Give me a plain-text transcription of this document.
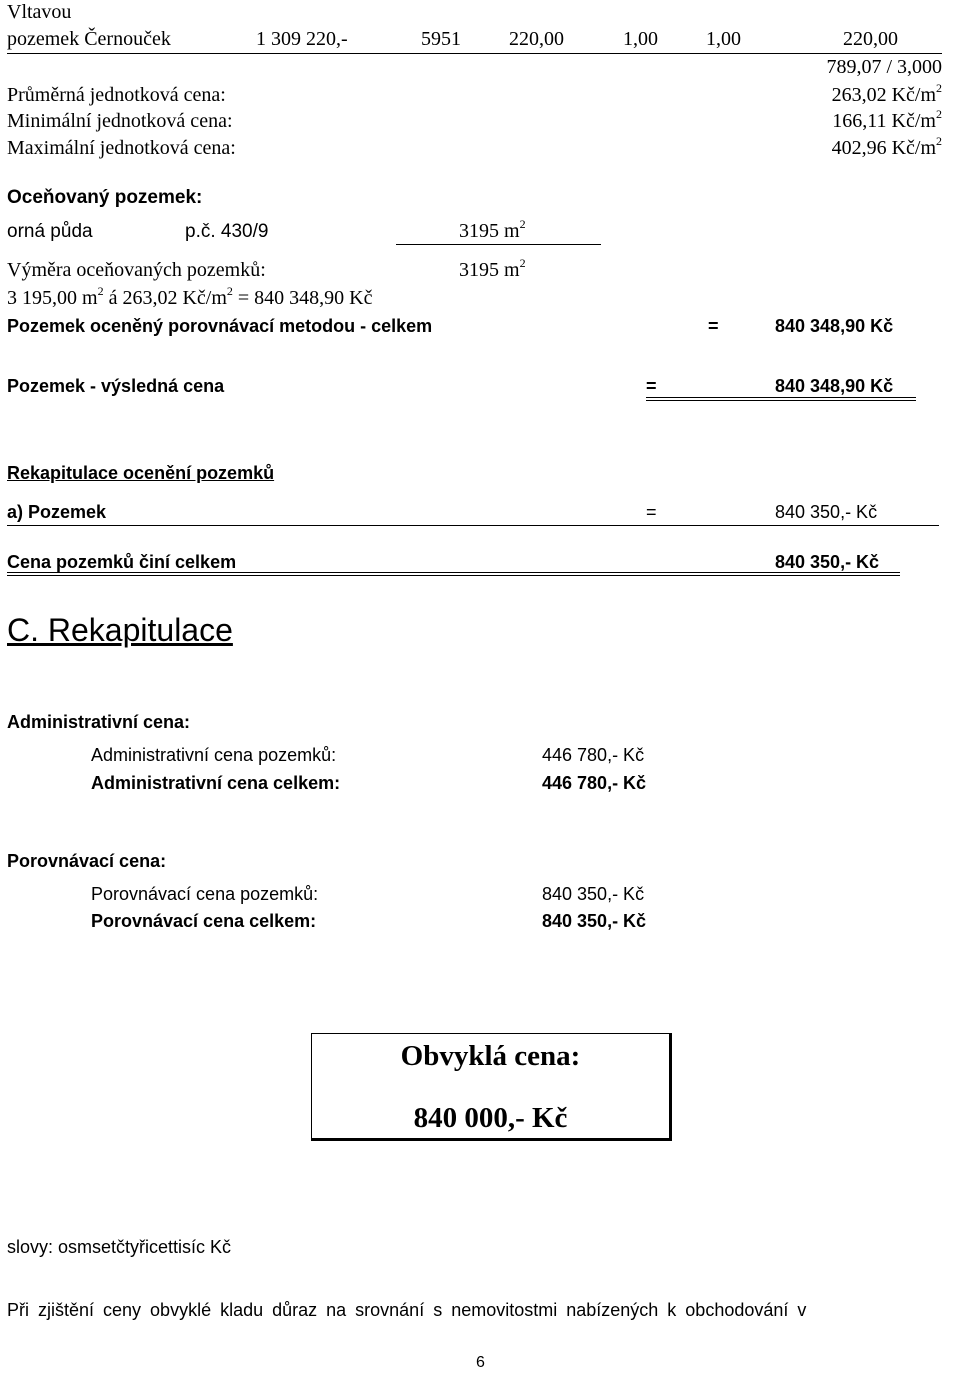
Vltavou
pozemek Černouček	1 309 220,-	5951 220,00	1,00 1,00	220,00
789,07 / 3,000
Průměrná jednotková cena:	263,02 $Kč/m^2$
Minimální jednotková cena:	166,11 $Kč/m^2$
Maximální jednotková cena:	402,96 $Kč/m^2$
Oceňovaný pozemek:
orná půda	p.č. 430/9	3195 $m^2$
Výměra oceňovaných pozemků:	3195 $m^2$
3 195,00 $m^2$ á 263,02 $Kč/m^2 = 840$ 348,90 Kč
Pozemek oceněný porovnávací metodou - celkem	=	840 348,90 Kč
Pozemek - výsledná cena	=	840 348,90 Kč
Rekapitulace ocenění pozemků
a) Pozemek	=	840 350,- Kč
Cena pozemků činí celkem	840 350,- Kč
C. Rekapitulace
Administrativní cena:
Administrativní cena pozemků:	446 780,- Kč
Administrativní cena celkem:	446 780,- Kč
Porovnávací cena:
Porovnávací cena pozemků:	840 350,- Kč
Porovnávací cena celkem:	840 350,- Kč
Obvyklá cena:
840 000,- Kč
slovy: osmsetčtyřicettisíc Kč
Při zjištění ceny obvyklé kladu důraz na srovnání s nemovitostmi nabízených k obchodování v
6
